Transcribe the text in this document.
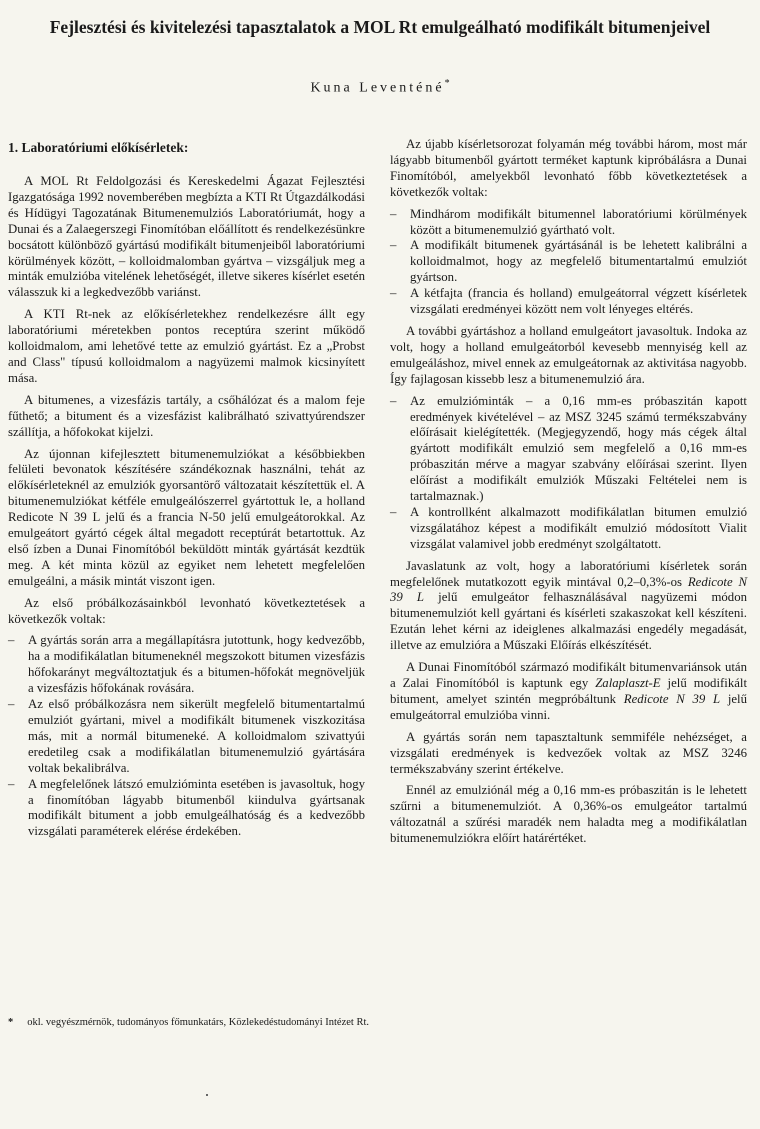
Fejlesztési és kivitelezési tapasztalatok a MOL Rt emulgeálható modifikált bitumenjeivel
Kuna Leventéné*
1. Laboratóriumi előkísérletek:

A MOL Rt Feldolgozási és Kereskedelmi Ágazat Fejlesztési Igazgatósága 1992 novemberében megbízta a KTI Rt Útgazdálkodási és Hídügyi Tagozatának Bitumenemulziós Laboratóriumát, hogy a Dunai és a Zalaegerszegi Finomítóban előállított és rendelkezésünkre bocsátott különböző gyártású modifikált bitumenjeiből laboratóriumi körülmények között, – kolloidmalomban gyártva – vizsgáljuk meg a minták emulzióba vitelének lehetőségét, illetve sikeres kísérlet esetén válasszuk ki a legkedvezőbb variánst.

A KTI Rt-nek az előkísérletekhez rendelkezésre állt egy laboratóriumi méretekben pontos receptúra szerint működő kolloidmalom, ami lehetővé tette az emulzió gyártást. Ez a „Probst and Class" típusú kolloidmalom a nagyüzemi malmok kicsinyített mása.

A bitumenes, a vizesfázis tartály, a csőhálózat és a malom feje fűthető; a bitument és a vizesfázist kalibrálható szivattyúrendszer szállítja, a hőfokokat kijelzi.

Az újonnan kifejlesztett bitumenemulziókat a későbbiekben felületi bevonatok készítésére szándékoznak használni, tehát az előkísérleteknél az emulziók gyorsantörő változatait készítettük el. A bitumenemulziókat kétféle emulgeálószerrel gyártottuk le, a holland Redicote N 39 L jelű és a francia N-50 jelű emulgeátorokkal. Az emulgeátort gyártó cégek által megadott receptúrát betartottuk. Az első ízben a Dunai Finomítóból beküldött minták gyártását kezdtük meg. A két minta közül az egyiket nem lehetett megfelelően emulgeálni, a másik mintát viszont igen.

Az első próbálkozásainkból levonható következtetések a következők voltak:

– A gyártás során arra a megállapításra jutottunk, hogy kedvezőbb, ha a modifikálatlan bitumeneknél megszokott bitumen vizesfázis hőfokarányt megváltoztatjuk és a bitumen-hőfokát megnöveljük a vizesfázis hőfokának rovására.
– Az első próbálkozásra nem sikerült megfelelő bitumentartalmú emulziót gyártani, mivel a modifikált bitumenek viszkozitása más, mit a normál bitumeneké. A kolloidmalom szivattyúi eredetileg csak a modifikálatlan bitumenemulzió gyártására voltak bekalibrálva.
– A megfelelőnek látszó emulzióminta esetében is javasoltuk, hogy a finomítóban lágyabb bitumenből kiindulva gyártsanak modifikált bitument a jobb emulgeálhatóság és a kedvezőbb vizsgálati paraméterek elérése érdekében.

Az újabb kísérletsorozat folyamán még további három, most már lágyabb bitumenből gyártott terméket kaptunk kipróbálásra a Dunai Finomítóból, amelyekből levonható főbb következtetések a következők voltak:

– Mindhárom modifikált bitumennel laboratóriumi körülmények között a bitumenemulzió gyártható volt.
– A modifikált bitumenek gyártásánál is be lehetett kalibrálni a kolloidmalmot, hogy az megfelelő bitumentartalmú emulziót gyártson.
– A kétfajta (francia és holland) emulgeátorral végzett kísérletek vizsgálati eredményei között nem volt lényeges eltérés.

A további gyártáshoz a holland emulgeátort javasoltuk. Indoka az volt, hogy a holland emulgeátorból kevesebb mennyiség kell az emulgeáláshoz, mivel ennek az emulgeátornak az aktivitása nagyobb. Így fajlagosan kissebb lesz a bitumenemulzió ára.

– Az emulzióminták – a 0,16 mm-es próbaszitán kapott eredmények kivételével – az MSZ 3245 számú termékszabvány előírásait kielégítették. (Megjegyzendő, hogy más cégek által gyártott modifikált emulzió sem megfelelő a 0,16 mm-es próbaszitán mérve a magyar szabvány előírásai szerint. Ilyen előírást a modifikált emulziók Műszaki Feltételei nem is tartalmaznak.)
– A kontrollként alkalmazott modifikálatlan bitumen emulzió vizsgálatához képest a modifikált emulzió módosított Vialit vizsgálat valamivel jobb eredményt szolgáltatott.

Javaslatunk az volt, hogy a laboratóriumi kísérletek során megfelelőnek mutatkozott egyik mintával 0,2–0,3%-os Redicote N 39 L jelű emulgeátor felhasználásával nagyüzemi módon bitumenemulziót kell gyártani és kísérleti szakaszokat kell készíteni. Ezután lehet kérni az ideiglenes alkalmazási engedély megadását, illetve az emulzióra a Műszaki Előírás elkészítését.

A Dunai Finomítóból származó modifikált bitumenvariánsok után a Zalai Finomítóból is kaptunk egy Zalaplaszt-E jelű modifikált bitument, amelyet szintén megpróbáltunk Redicote N 39 L jelű emulgeátorral emulzióba vinni.

A gyártás során nem tapasztaltunk semmiféle nehézséget, a vizsgálati eredmények is kedvezőek voltak az MSZ 3246 termékszabvány szerint értékelve.

Ennél az emulziónál még a 0,16 mm-es próbaszitán is le lehetett szűrni a bitumenemulziót. A 0,36%-os emulgeátor tartalmú változatnál a szűrési maradék nem haladta meg a modifikálatlan bitumenemulziókra előírt határértéket.

* okl. vegyészmérnök, tudományos főmunkatárs, Közlekedéstudományi Intézet Rt.
